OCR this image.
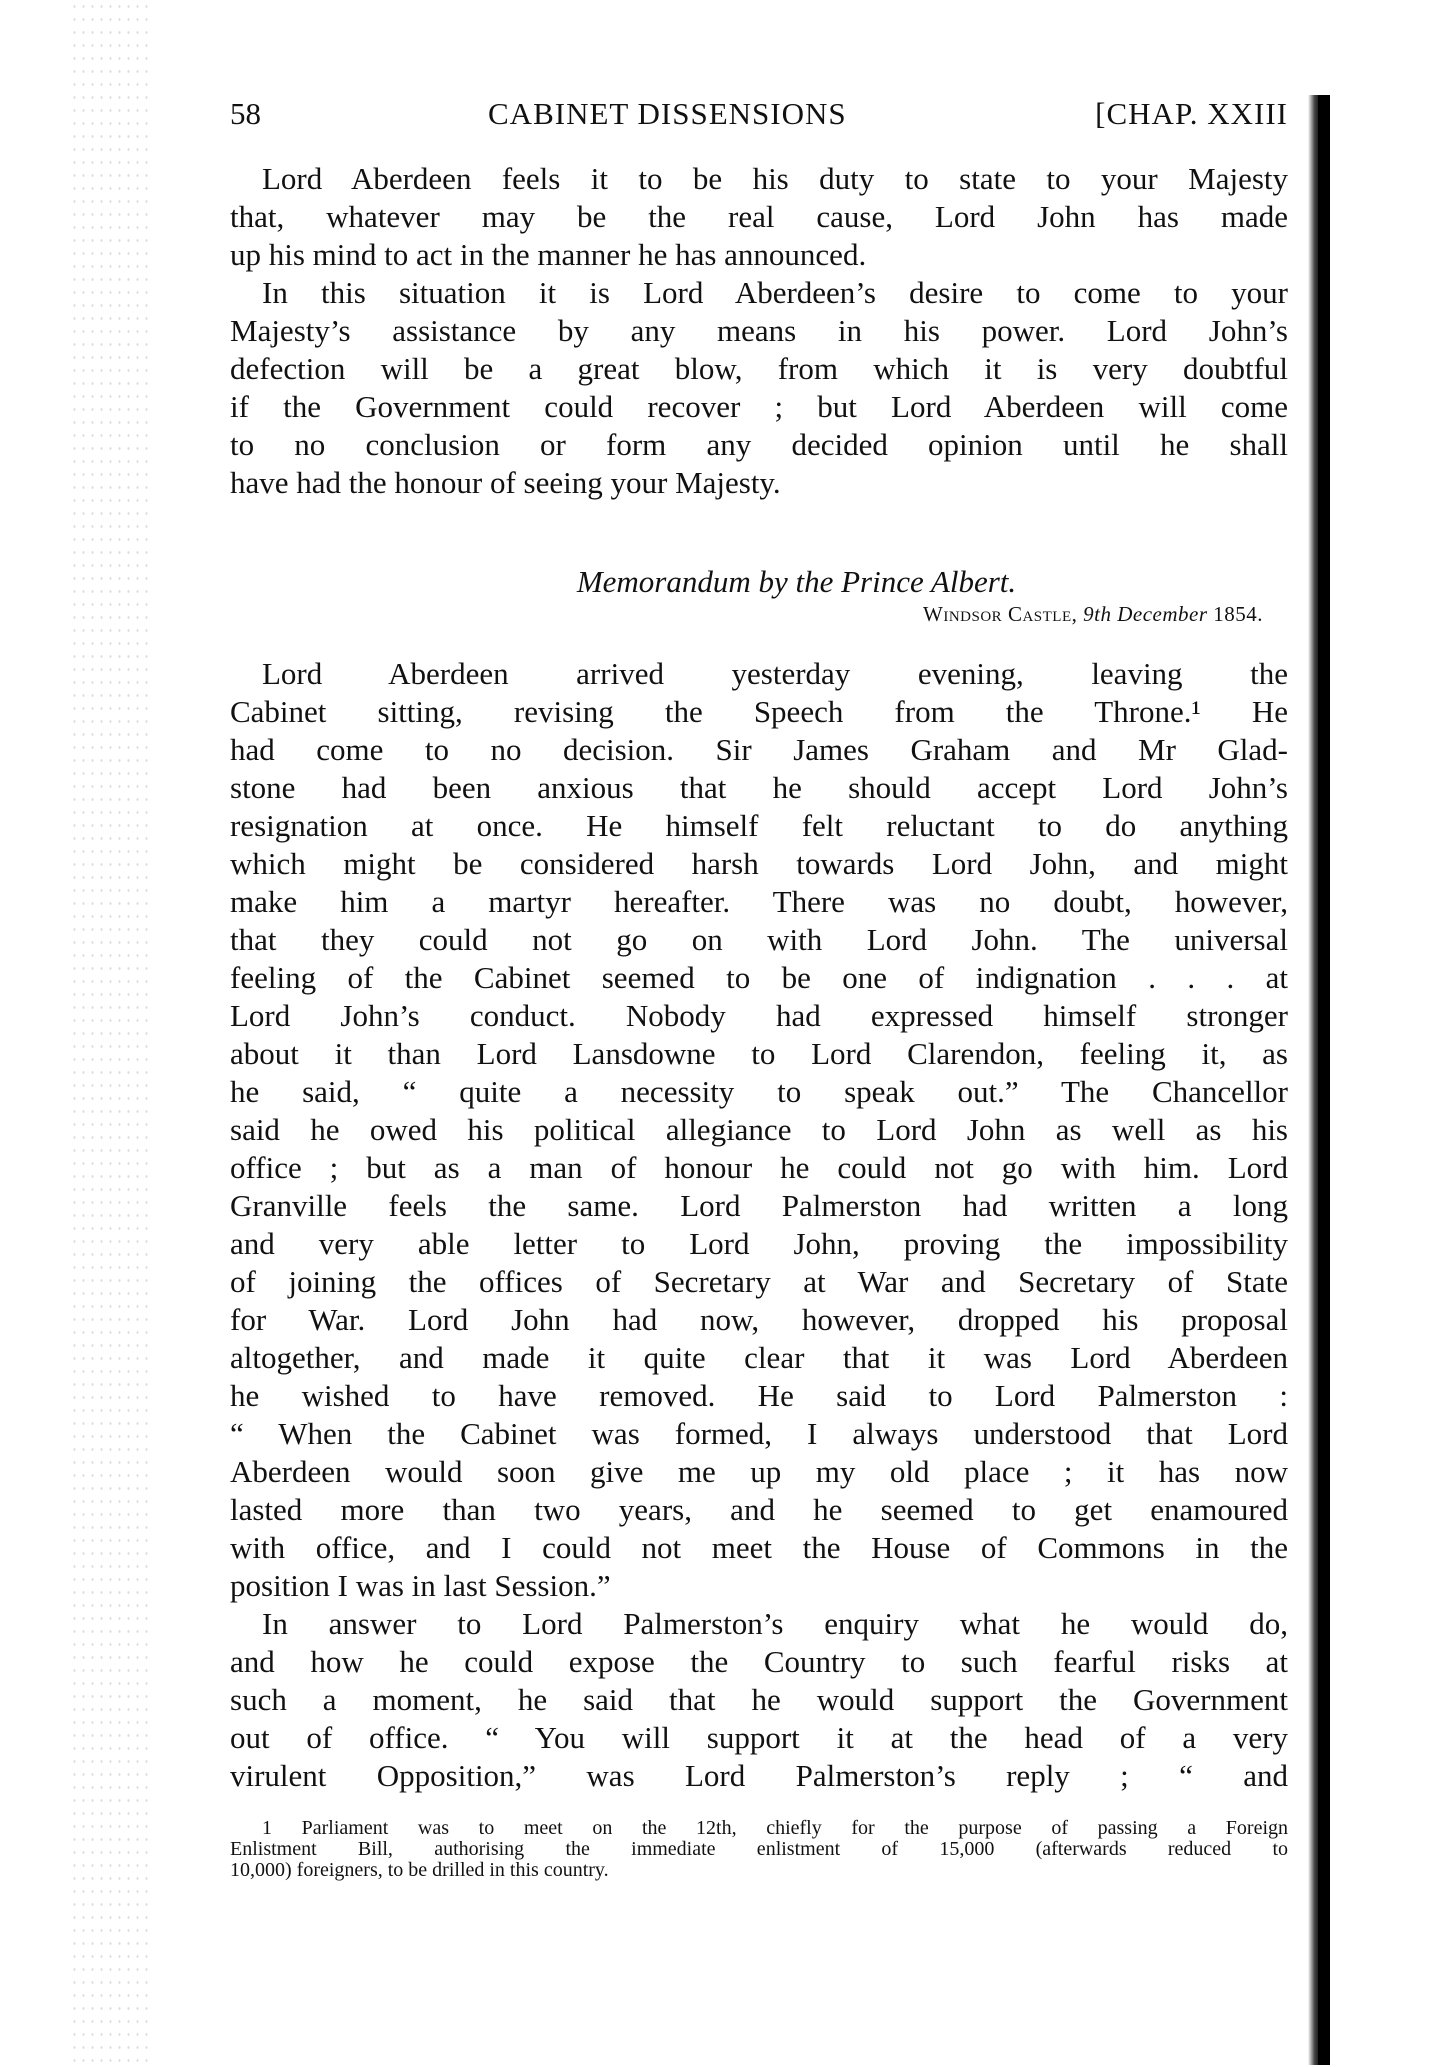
58	CABINET DISSENSIONS	[CHAP. XXIII
Lord Aberdeen feels it to be his duty to state to your Majesty
that, whatever may be the real cause, Lord John has made
up his mind to act in the manner he has announced.
In this situation it is Lord Aberdeen’s desire to come to your
Majesty’s assistance by any means in his power. Lord John’s
defection will be a great blow, from which it is very doubtful
if the Government could recover ; but Lord Aberdeen will come
to no conclusion or form any decided opinion until he shall
have had the honour of seeing your Majesty.
Memorandum by the Prince Albert.
Windsor Castle, 9th December 1854.
Lord Aberdeen arrived yesterday evening, leaving the
Cabinet sitting, revising the Speech from the Throne.¹ He
had come to no decision. Sir James Graham and Mr Glad-
stone had been anxious that he should accept Lord John’s
resignation at once. He himself felt reluctant to do anything
which might be considered harsh towards Lord John, and might
make him a martyr hereafter. There was no doubt, however,
that they could not go on with Lord John. The universal
feeling of the Cabinet seemed to be one of indignation . . . at
Lord John’s conduct. Nobody had expressed himself stronger
about it than Lord Lansdowne to Lord Clarendon, feeling it, as
he said, “ quite a necessity to speak out.” The Chancellor
said he owed his political allegiance to Lord John as well as his
office ; but as a man of honour he could not go with him. Lord
Granville feels the same. Lord Palmerston had written a long
and very able letter to Lord John, proving the impossibility
of joining the offices of Secretary at War and Secretary of State
for War. Lord John had now, however, dropped his proposal
altogether, and made it quite clear that it was Lord Aberdeen
he wished to have removed. He said to Lord Palmerston :
“ When the Cabinet was formed, I always understood that Lord
Aberdeen would soon give me up my old place ; it has now
lasted more than two years, and he seemed to get enamoured
with office, and I could not meet the House of Commons in the
position I was in last Session.”
In answer to Lord Palmerston’s enquiry what he would do,
and how he could expose the Country to such fearful risks at
such a moment, he said that he would support the Government
out of office. “ You will support it at the head of a very
virulent Opposition,” was Lord Palmerston’s reply ; “ and
1 Parliament was to meet on the 12th, chiefly for the purpose of passing a Foreign
Enlistment Bill, authorising the immediate enlistment of 15,000 (afterwards reduced to
10,000) foreigners, to be drilled in this country.
